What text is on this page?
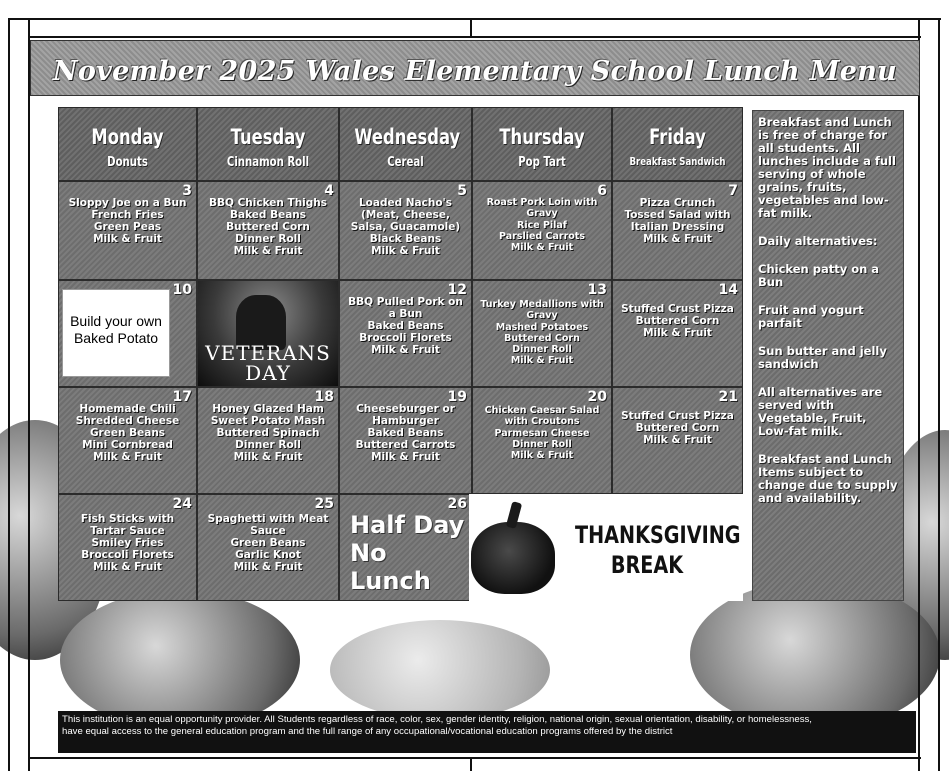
November 2025 Wales Elementary School Lunch Menu
Monday
Donuts
Tuesday
Cinnamon Roll
Wednesday
Cereal
Thursday
Pop Tart
Friday
Breakfast Sandwich
3
Sloppy Joe on a Bun
French Fries
Green Peas
Milk & Fruit
4
BBQ Chicken Thighs
Baked Beans
Buttered Corn
Dinner Roll
Milk & Fruit
5
Loaded Nacho's
(Meat, Cheese,
Salsa, Guacamole)
Black Beans
Milk & Fruit
6
Roast Pork Loin with Gravy
Rice Pilaf
Parslied Carrots
Milk & Fruit
7
Pizza Crunch
Tossed Salad with
Italian Dressing
Milk & Fruit
10
Build your own Baked Potato
VETERANS DAY
12
BBQ Pulled Pork on a Bun
Baked Beans
Broccoli Florets
Milk & Fruit
13
Turkey Medallions with Gravy
Mashed Potatoes
Buttered Corn
Dinner Roll
Milk & Fruit
14
Stuffed Crust Pizza
Buttered Corn
Milk & Fruit
17
Homemade Chili
Shredded Cheese
Green Beans
Mini Cornbread
Milk & Fruit
18
Honey Glazed Ham
Sweet Potato Mash
Buttered Spinach
Dinner Roll
Milk & Fruit
19
Cheeseburger or Hamburger
Baked Beans
Buttered Carrots
Milk & Fruit
20
Chicken Caesar Salad with Croutons
Parmesan Cheese
Dinner Roll
Milk & Fruit
21
Stuffed Crust Pizza
Buttered Corn
Milk & Fruit
24
Fish Sticks with Tartar Sauce
Smiley Fries
Broccoli Florets
Milk & Fruit
25
Spaghetti with Meat Sauce
Green Beans
Garlic Knot
Milk & Fruit
26
Half Day No Lunch
THANKSGIVING
BREAK

Breakfast and Lunch is free of charge for all students. All lunches include a full serving of whole grains, fruits, vegetables and low-fat milk.

Daily alternatives:

Chicken patty on a Bun

Fruit and yogurt parfait

Sun butter and jelly sandwich

All alternatives are served with Vegetable, Fruit, Low-fat milk.

Breakfast and Lunch Items subject to change due to supply and availability.

This institution is an equal opportunity provider. All Students regardless of race, color, sex, gender identity, religion, national origin, sexual orientation, disability, or homelessness,
have equal access to the general education program and the full range of any occupational/vocational education programs offered by the district
